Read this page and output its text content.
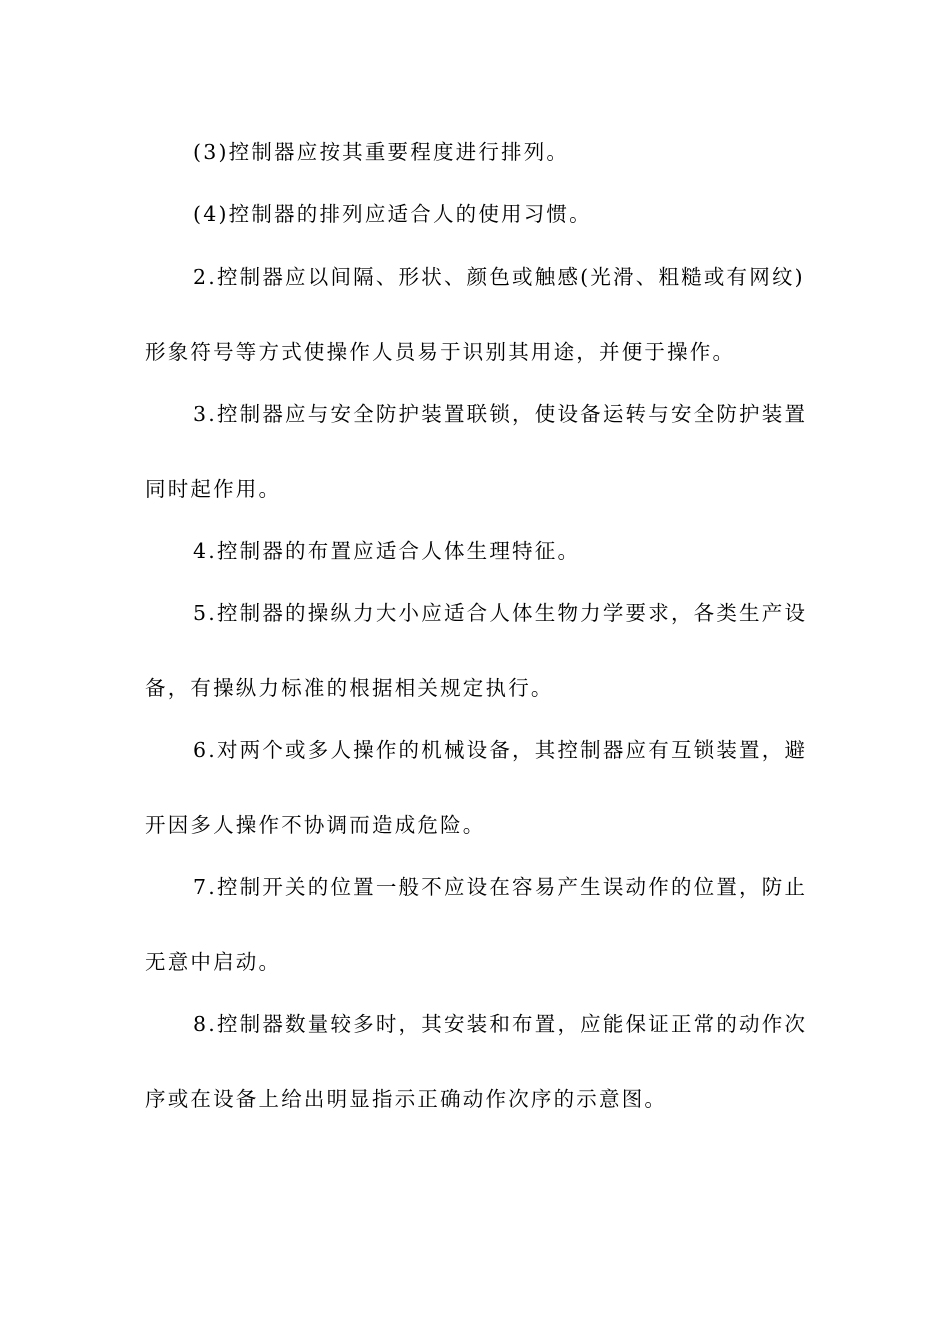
(3)控制器应按其重要程度进行排列。
(4)控制器的排列应适合人的使用习惯。
2.控制器应以间隔、形状、颜色或触感(光滑、粗糙或有网纹)
形象符号等方式使操作人员易于识别其用途，并便于操作。
3.控制器应与安全防护装置联锁，使设备运转与安全防护装置
同时起作用。
4.控制器的布置应适合人体生理特征。
5.控制器的操纵力大小应适合人体生物力学要求，各类生产设
备，有操纵力标准的根据相关规定执行。
6.对两个或多人操作的机械设备，其控制器应有互锁装置，避
开因多人操作不协调而造成危险。
7.控制开关的位置一般不应设在容易产生误动作的位置，防止
无意中启动。
8.控制器数量较多时，其安装和布置，应能保证正常的动作次
序或在设备上给出明显指示正确动作次序的示意图。
